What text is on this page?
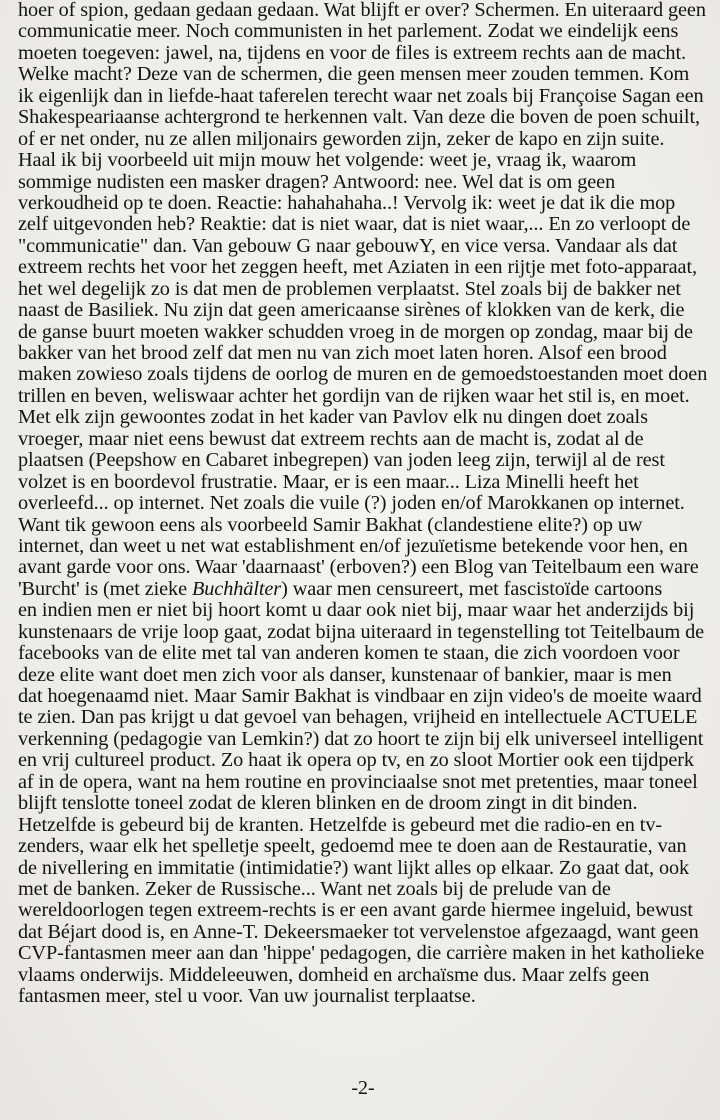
hoer of spion, gedaan gedaan gedaan. Wat blijft er over? Schermen. En uiteraard geen
communicatie meer. Noch communisten in het parlement. Zodat we eindelijk eens
moeten toegeven: jawel, na, tijdens en voor de files is extreem rechts aan de macht.
Welke macht? Deze van de schermen, die geen mensen meer zouden temmen. Kom
ik eigenlijk dan in liefde-haat taferelen terecht waar net zoals bij Françoise Sagan een
Shakespeariaanse achtergrond te herkennen valt. Van deze die boven de poen schuilt,
of er net onder, nu ze allen miljonairs geworden zijn, zeker de kapo en zijn suite.
Haal ik bij voorbeeld uit mijn mouw het volgende: weet je, vraag ik, waarom
sommige nudisten een masker dragen? Antwoord: nee. Wel dat is om geen
verkoudheid op te doen. Reactie: hahahahaha..! Vervolg ik: weet je dat ik die mop
zelf uitgevonden heb? Reaktie: dat is niet waar, dat is niet waar,... En zo verloopt de
"communicatie" dan. Van gebouw G naar gebouwY, en vice versa. Vandaar als dat
extreem rechts het voor het zeggen heeft, met Aziaten in een rijtje met foto-apparaat,
het wel degelijk zo is dat men de problemen verplaatst. Stel zoals bij de bakker net
naast de Basiliek. Nu zijn dat geen americaanse sirènes of klokken van de kerk, die
de ganse buurt moeten wakker schudden vroeg in de morgen op zondag, maar bij de
bakker van het brood zelf dat men nu van zich moet laten horen. Alsof een brood
maken zowieso zoals tijdens de oorlog de muren en de gemoedstoestanden moet doen
trillen en beven, weliswaar achter het gordijn van de rijken waar het stil is, en moet.
Met elk zijn gewoontes zodat in het kader van Pavlov elk nu dingen doet zoals
vroeger, maar niet eens bewust dat extreem rechts aan de macht is, zodat al de
plaatsen (Peepshow en Cabaret inbegrepen) van joden leeg zijn, terwijl al de rest
volzet is en boordevol frustratie. Maar, er is een maar... Liza Minelli heeft het
overleefd... op internet. Net zoals die vuile (?) joden en/of Marokkanen op internet.
Want tik gewoon eens als voorbeeld Samir Bakhat (clandestiene elite?) op uw
internet, dan weet u net wat establishment en/of jezuïetisme betekende voor hen, en
avant garde voor ons. Waar 'daarnaast' (erboven?) een Blog van Teitelbaum een ware
'Burcht' is (met zieke Buchhälter) waar men censureert, met fascistoïde cartoons
en indien men er niet bij hoort komt u daar ook niet bij, maar waar het anderzijds bij
kunstenaars de vrije loop gaat, zodat bijna uiteraard in tegenstelling tot Teitelbaum de
facebooks van de elite met tal van anderen komen te staan, die zich voordoen voor
deze elite want doet men zich voor als danser, kunstenaar of bankier, maar is men
dat hoegenaamd niet. Maar Samir Bakhat is vindbaar en zijn video's de moeite waard
te zien. Dan pas krijgt u dat gevoel van behagen, vrijheid en intellectuele ACTUELE
verkenning (pedagogie van Lemkin?) dat zo hoort te zijn bij elk universeel intelligent
en vrij cultureel product. Zo haat ik opera op tv, en zo sloot Mortier ook een tijdperk
af in de opera, want na hem routine en provinciaalse snot met pretenties, maar toneel
blijft tenslotte toneel zodat de kleren blinken en de droom zingt in dit binden.
Hetzelfde is gebeurd bij de kranten. Hetzelfde is gebeurd met die radio-en en tv-
zenders, waar elk het spelletje speelt, gedoemd mee te doen aan de Restauratie, van
de nivellering en immitatie (intimidatie?) want lijkt alles op elkaar. Zo gaat dat, ook
met de banken. Zeker de Russische... Want net zoals bij de prelude van de
wereldoorlogen tegen extreem-rechts is er een avant garde hiermee ingeluid, bewust
dat Béjart dood is, en Anne-T. Dekeersmaeker tot vervelenstoe afgezaagd, want geen
CVP-fantasmen meer aan dan 'hippe' pedagogen, die carrière maken in het katholieke
vlaams onderwijs. Middeleeuwen, domheid en archaïsme dus. Maar zelfs geen
fantasmen meer, stel u voor. Van uw journalist terplaatse.
-2-
